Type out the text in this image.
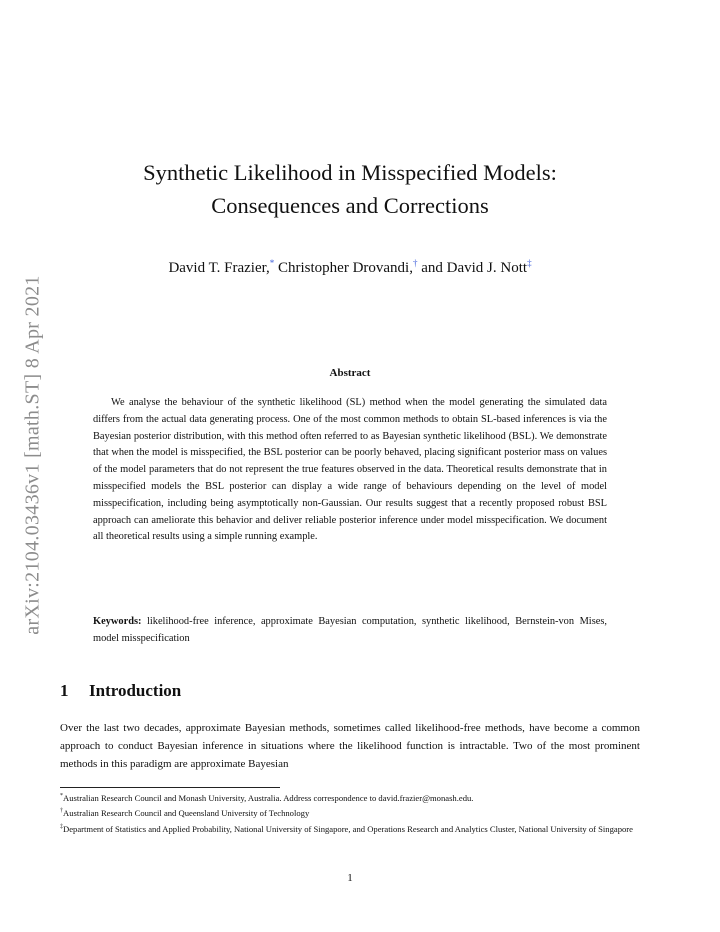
arXiv:2104.03436v1 [math.ST] 8 Apr 2021
Synthetic Likelihood in Misspecified Models:
Consequences and Corrections
David T. Frazier,* Christopher Drovandi,† and David J. Nott‡
Abstract

We analyse the behaviour of the synthetic likelihood (SL) method when the model generating the simulated data differs from the actual data generating process. One of the most common methods to obtain SL-based inferences is via the Bayesian posterior distribution, with this method often referred to as Bayesian synthetic likelihood (BSL). We demonstrate that when the model is misspecified, the BSL posterior can be poorly behaved, placing significant posterior mass on values of the model parameters that do not represent the true features observed in the data. Theoretical results demonstrate that in misspecified models the BSL posterior can display a wide range of behaviours depending on the level of model misspecification, including being asymptotically non-Gaussian. Our results suggest that a recently proposed robust BSL approach can ameliorate this behavior and deliver reliable posterior inference under model misspecification. We document all theoretical results using a simple running example.

Keywords: likelihood-free inference, approximate Bayesian computation, synthetic likelihood, Bernstein-von Mises, model misspecification

1 Introduction

Over the last two decades, approximate Bayesian methods, sometimes called likelihood-free methods, have become a common approach to conduct Bayesian inference in situations where the likelihood function is intractable. Two of the most prominent methods in this paradigm are approximate Bayesian

*Australian Research Council and Monash University, Australia. Address correspondence to david.frazier@monash.edu.
†Australian Research Council and Queensland University of Technology
‡Department of Statistics and Applied Probability, National University of Singapore, and Operations Research and Analytics Cluster, National University of Singapore
1
